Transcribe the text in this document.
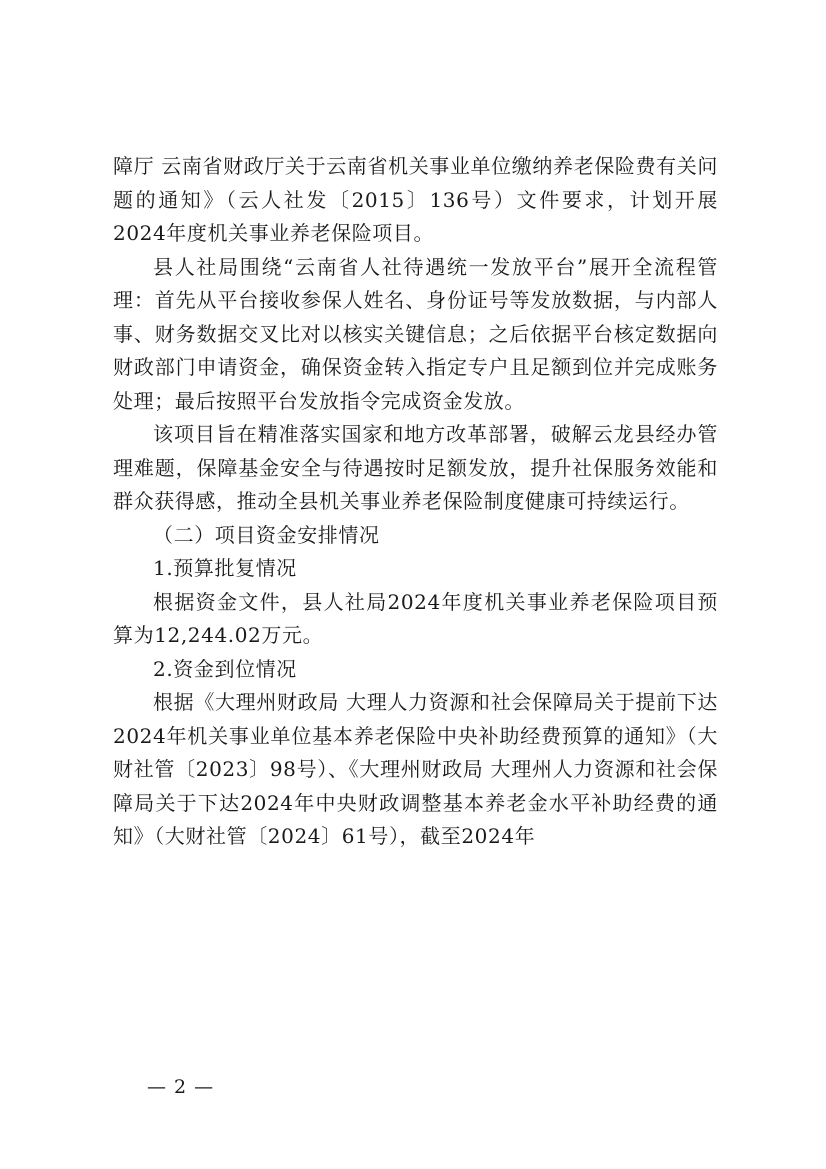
障厅 云南省财政厅关于云南省机关事业单位缴纳养老保险费有关问题的通知》（云人社发〔2015〕136号）文件要求，计划开展2024年度机关事业养老保险项目。

县人社局围绕“云南省人社待遇统一发放平台”展开全流程管理：首先从平台接收参保人姓名、身份证号等发放数据，与内部人事、财务数据交叉比对以核实关键信息；之后依据平台核定数据向财政部门申请资金，确保资金转入指定专户且足额到位并完成账务处理；最后按照平台发放指令完成资金发放。

该项目旨在精准落实国家和地方改革部署，破解云龙县经办管理难题，保障基金安全与待遇按时足额发放，提升社保服务效能和群众获得感，推动全县机关事业养老保险制度健康可持续运行。

（二）项目资金安排情况

1.预算批复情况

根据资金文件，县人社局2024年度机关事业养老保险项目预算为12,244.02万元。

2.资金到位情况

根据《大理州财政局 大理人力资源和社会保障局关于提前下达2024年机关事业单位基本养老保险中央补助经费预算的通知》（大财社管〔2023〕98号）、《大理州财政局 大理州人力资源和社会保障局关于下达2024年中央财政调整基本养老金水平补助经费的通知》（大财社管〔2024〕61号），截至2024年

— 2 —
